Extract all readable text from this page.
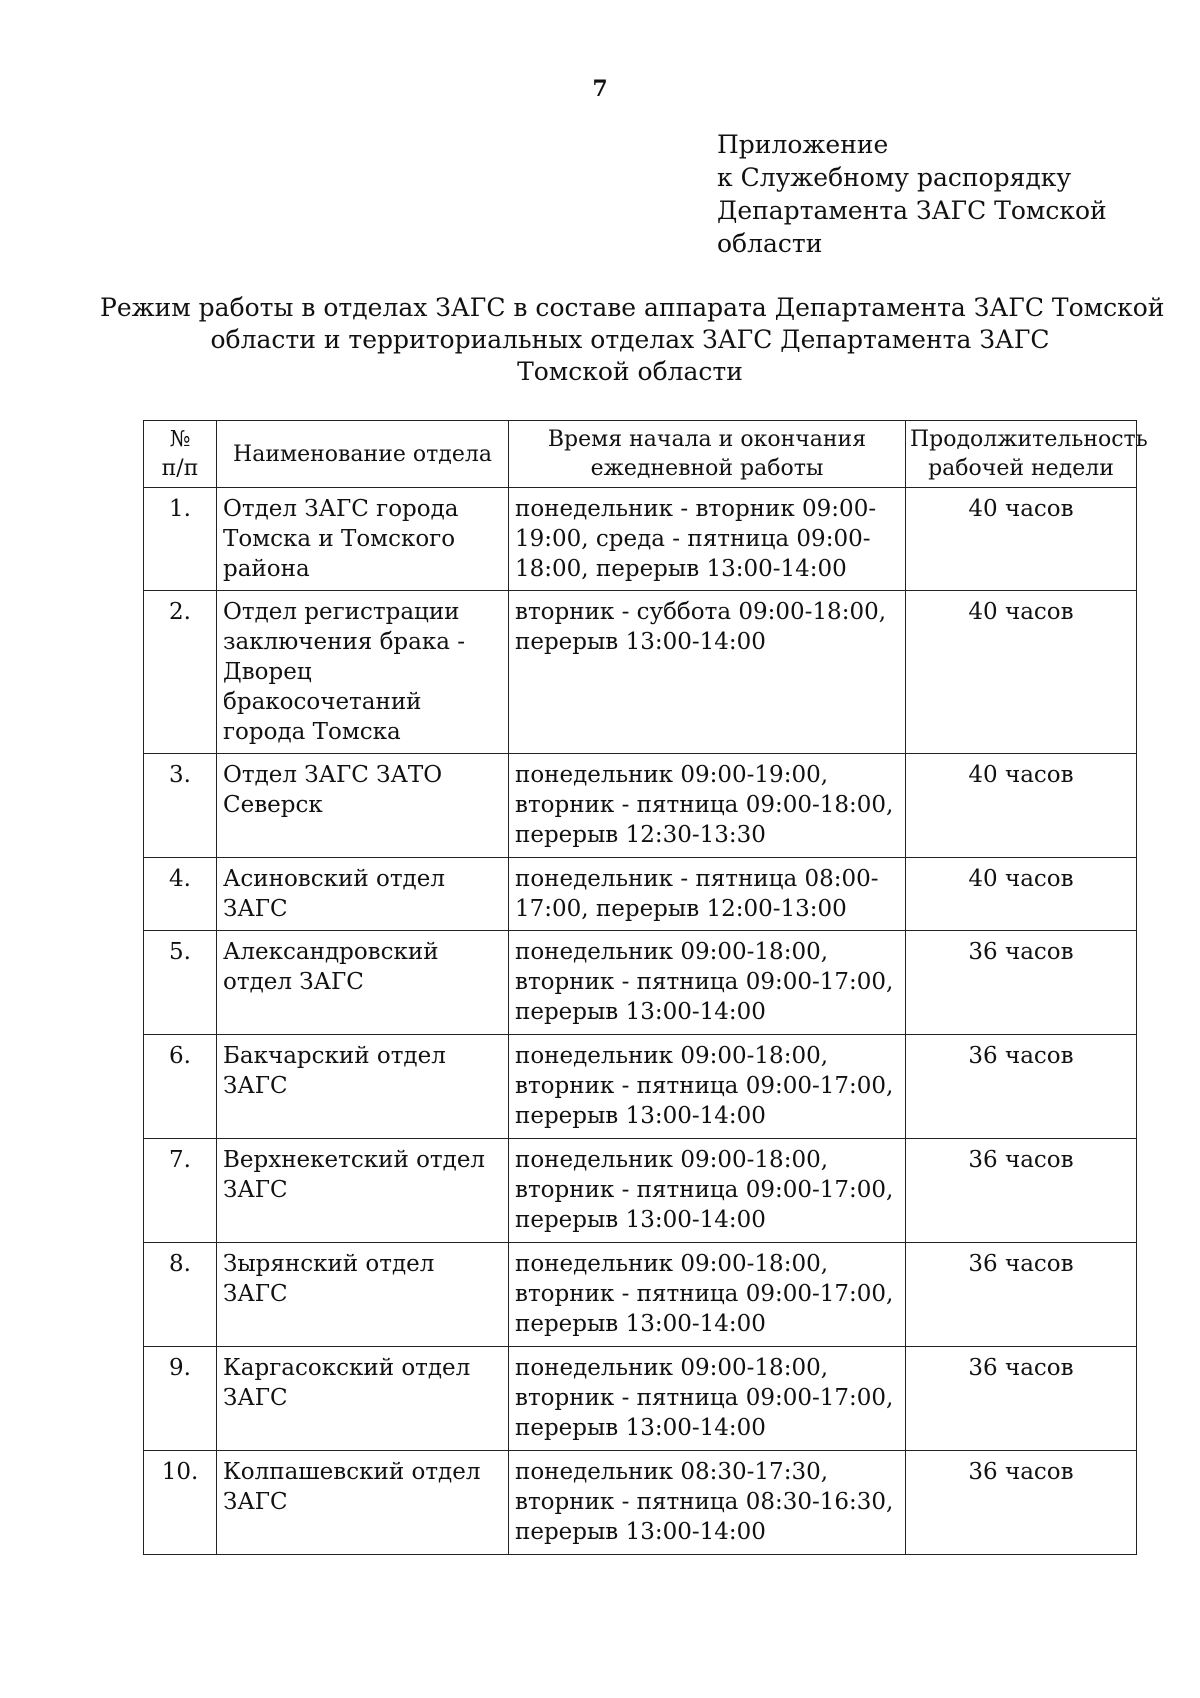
7
Приложение
к Служебному распорядку
Департамента ЗАГС Томской
области
Режим работы в отделах ЗАГС в составе аппарата Департамента ЗАГС Томской
области и территориальных отделах ЗАГС Департамента ЗАГС
Томской области
№
п/п	Наименование отдела	Время начала и окончания ежедневной работы	Продолжительность рабочей недели
1.	Отдел ЗАГС города Томска и Томского района	понедельник - вторник 09:00-19:00, среда - пятница 09:00-18:00, перерыв 13:00-14:00	40 часов
2.	Отдел регистрации заключения брака - Дворец бракосочетаний города Томска	вторник - суббота 09:00-18:00, перерыв 13:00-14:00	40 часов
3.	Отдел ЗАГС ЗАТО Северск	понедельник 09:00-19:00, вторник - пятница 09:00-18:00, перерыв 12:30-13:30	40 часов
4.	Асиновский отдел ЗАГС	понедельник - пятница 08:00-17:00, перерыв 12:00-13:00	40 часов
5.	Александровский отдел ЗАГС	понедельник 09:00-18:00, вторник - пятница 09:00-17:00, перерыв 13:00-14:00	36 часов
6.	Бакчарский отдел ЗАГС	понедельник 09:00-18:00, вторник - пятница 09:00-17:00, перерыв 13:00-14:00	36 часов
7.	Верхнекетский отдел ЗАГС	понедельник 09:00-18:00, вторник - пятница 09:00-17:00, перерыв 13:00-14:00	36 часов
8.	Зырянский отдел ЗАГС	понедельник 09:00-18:00, вторник - пятница 09:00-17:00, перерыв 13:00-14:00	36 часов
9.	Каргасокский отдел ЗАГС	понедельник 09:00-18:00, вторник - пятница 09:00-17:00, перерыв 13:00-14:00	36 часов
10.	Колпашевский отдел ЗАГС	понедельник 08:30-17:30, вторник - пятница 08:30-16:30, перерыв 13:00-14:00	36 часов
